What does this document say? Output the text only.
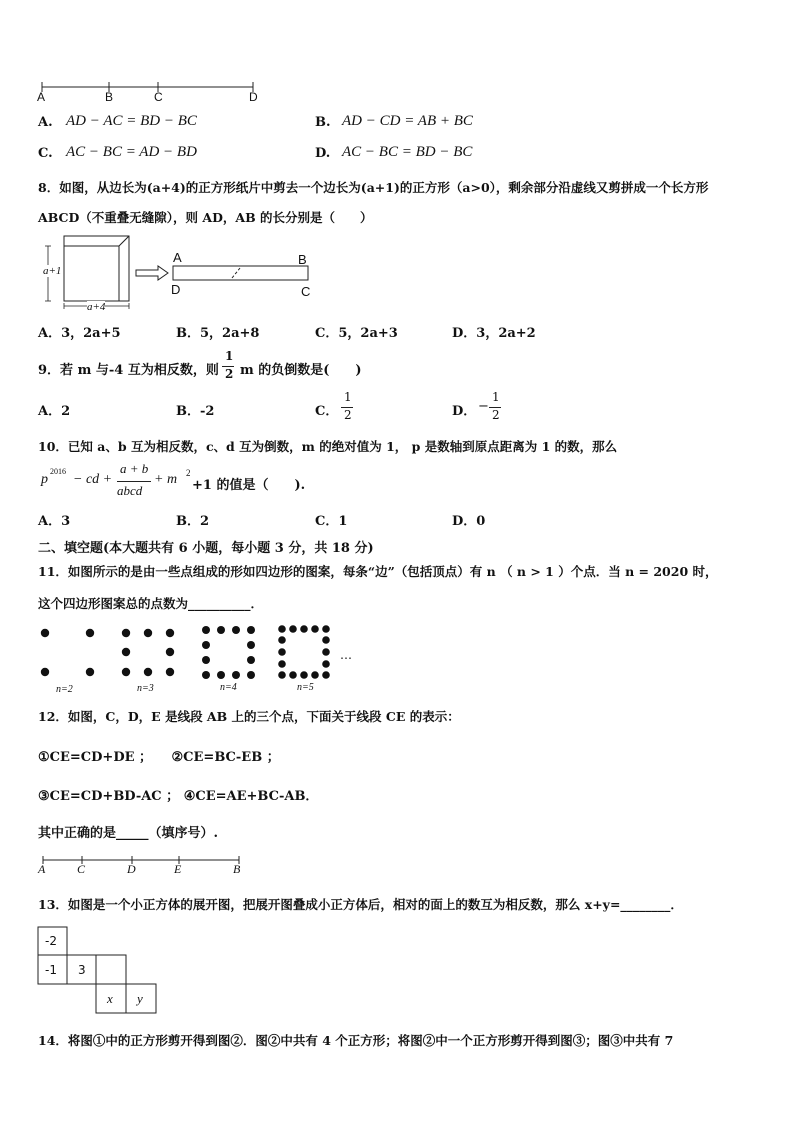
A	B	C	D
A. AD − AC = BD − BC	B. AD − CD = AB + BC
C. AC − BC = AD − BD	D. AC − BC = BD − BC
8．如图，从边长为(a+4)的正方形纸片中剪去一个边长为(a+1)的正方形（a>0），剩余部分沿虚线又剪拼成一个长方形
ABCD（不重叠无缝隙），则 AD，AB 的长分别是（　　）
a+1
a+4
A	B
D	C
A．3，2a+5	B．5，2a+8	C．5，2a+3	D．3，2a+2
9．若 m 与-4 互为相反数，则
1
2 m 的负倒数是(　　)
A．2	B．-2	C．
1
2	D． −
1
2
10．已知 a、b 互为相反数，c、d 互为倒数，m 的绝对值为 1， p 是数轴到原点距离为 1 的数，那么
p
2016
− cd +
a + b
abcd
+ m 2
+1 的值是（　　).
A．3	B．2	C．1	D．0
二、填空题(本大题共有 6 小题，每小题 3 分，共 18 分)
11．如图所示的是由一些点组成的形如四边形的图案，每条“边”（包括顶点）有 n （ n > 1 ）个点．当 n = 2020 时，
这个四边形图案总的点数为__________．
…
n=2	n=3	n=4	n=5
12．如图，C，D，E 是线段 AB 上的三个点，下面关于线段 CE 的表示：
①CE=CD+DE ；　　②CE=BC-EB ；
③CE=CD+BD-AC ； ④CE=AE+BC-AB．
其中正确的是_____（填序号）.
A	C	D	E	B
13．如图是一个小正方体的展开图，把展开图叠成小正方体后，相对的面上的数互为相反数，那么 x+y=________．
-2
-1 3
x y
14．将图①中的正方形剪开得到图②．图②中共有 4 个正方形；将图②中一个正方形剪开得到图③；图③中共有 7
